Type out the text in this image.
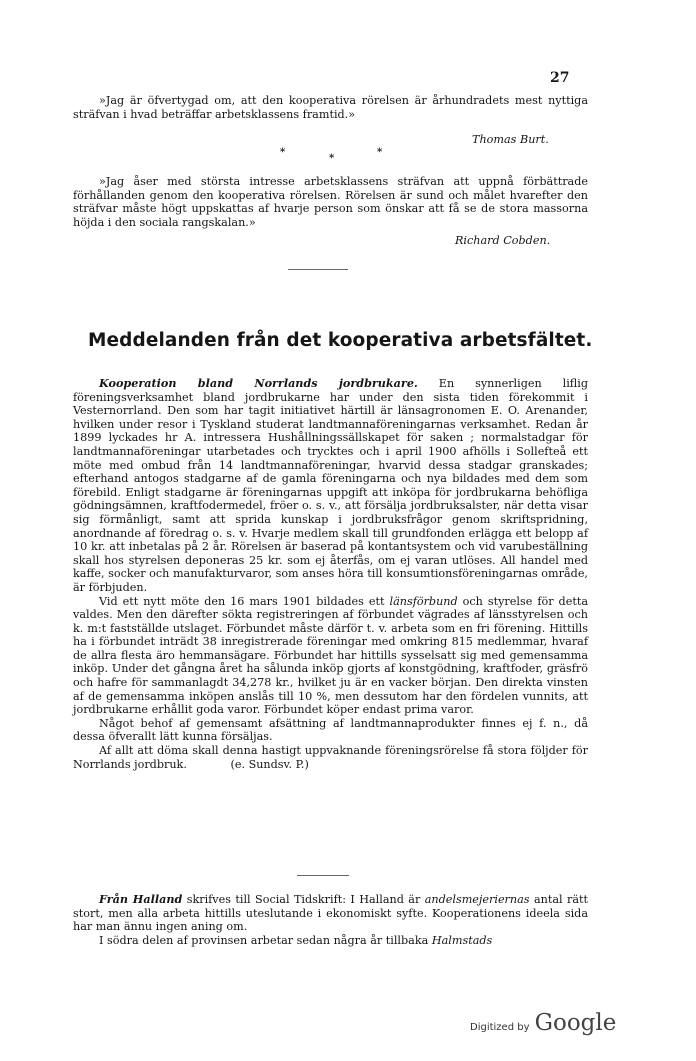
27

»Jag är öfvertygad om, att den kooperativa rörelsen är århundradets mest nyttiga sträfvan i hvad beträffar arbetsklassens framtid.»

Thomas Burt.
*
*
*

»Jag åser med största intresse arbetsklassens sträfvan att uppnå förbättrade förhållanden genom den kooperativa rörelsen. Rörelsen är sund och målet hvarefter den sträfvar måste högt uppskattas af hvarje person som önskar att få se de stora massorna höjda i den sociala rangskalan.»

Richard Cobden.
Meddelanden från det kooperativa arbetsfältet.

Kooperation bland Norrlands jordbrukare. En synnerligen liflig föreningsverksamhet bland jordbrukarne har under den sista tiden förekommit i Vesternorrland. Den som har tagit initiativet härtill är länsagronomen E. O. Arenander, hvilken under resor i Tyskland studerat landtmannaföreningarnas verksamhet. Redan år 1899 lyckades hr A. intressera Hushållningssällskapet för saken ; normalstadgar för landtmannaföreningar utarbetades och trycktes och i april 1900 afhölls i Sollefteå ett möte med ombud från 14 landtmannaföreningar, hvarvid dessa stadgar granskades; efterhand antogos stadgarne af de gamla föreningarna och nya bildades med dem som förebild. Enligt stadgarne är föreningarnas uppgift att inköpa för jordbrukarna behöfliga gödningsämnen, kraftfodermedel, fröer o. s. v., att försälja jordbruksalster, när detta visar sig förmånligt, samt att sprida kunskap i jordbruksfrågor genom skriftspridning, anordnande af föredrag o. s. v. Hvarje medlem skall till grundfonden erlägga ett belopp af 10 kr. att inbetalas på 2 år. Rörelsen är baserad på kontantsystem och vid varubeställning skall hos styrelsen deponeras 25 kr. som ej återfås, om ej varan utlöses. All handel med kaffe, socker och manufakturvaror, som anses höra till konsumtionsföreningarnas område, är förbjuden.

Vid ett nytt möte den 16 mars 1901 bildades ett länsförbund och styrelse för detta valdes. Men den därefter sökta registreringen af förbundet vägrades af länsstyrelsen och k. m:t fastställde utslaget. Förbundet måste därför t. v. arbeta som en fri förening. Hittills ha i förbundet inträdt 38 inregistrerade föreningar med omkring 815 medlemmar, hvaraf de allra flesta äro hemmansägare. Förbundet har hittills sysselsatt sig med gemensamma inköp. Under det gångna året ha sålunda inköp gjorts af konstgödning, kraftfoder, gräsfrö och hafre för sammanlagdt 34,278 kr., hvilket ju är en vacker början. Den direkta vinsten af de gemensamma inköpen anslås till 10 %, men dessutom har den fördelen vunnits, att jordbrukarne erhållit goda varor. Förbundet köper endast prima varor.

Något behof af gemensamt afsättning af landtmannaprodukter finnes ej f. n., då dessa öfverallt lätt kunna försäljas.

Af allt att döma skall denna hastigt uppvaknande föreningsrörelse få stora följder för Norrlands jordbruk.	(e. Sundsv. P.)

Från Halland skrifves till Social Tidskrift: I Halland är andelsmejeriernas antal rätt stort, men alla arbeta hittills uteslutande i ekonomiskt syfte. Kooperationens ideela sida har man ännu ingen aning om.

I södra delen af provinsen arbetar sedan några år tillbaka Halmstads

Digitized by Google
